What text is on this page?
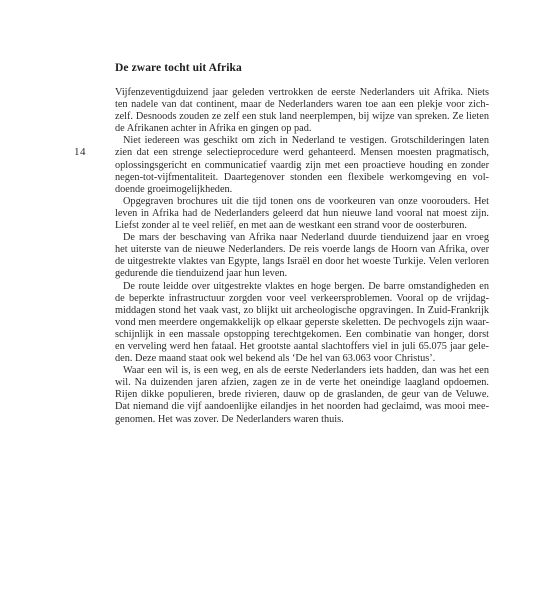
De zware tocht uit Afrika
14
Vijfenzeventigduizend jaar geleden vertrokken de eerste Nederlanders uit Afrika. Niets
ten nadele van dat continent, maar de Nederlanders waren toe aan een plekje voor zich-
zelf. Desnoods zouden ze zelf een stuk land neerplempen, bij wijze van spreken. Ze lieten
de Afrikanen achter in Afrika en gingen op pad.
Niet iedereen was geschikt om zich in Nederland te vestigen. Grotschilderingen laten
zien dat een strenge selectieprocedure werd gehanteerd. Mensen moesten pragmatisch,
oplossingsgericht en communicatief vaardig zijn met een proactieve houding en zonder
negen-tot-vijfmentaliteit. Daartegenover stonden een flexibele werkomgeving en vol-
doende groeimogelijkheden.
Opgegraven brochures uit die tijd tonen ons de voorkeuren van onze voorouders. Het
leven in Afrika had de Nederlanders geleerd dat hun nieuwe land vooral nat moest zijn.
Liefst zonder al te veel reliëf, en met aan de westkant een strand voor de oosterburen.
De mars der beschaving van Afrika naar Nederland duurde tienduizend jaar en vroeg
het uiterste van de nieuwe Nederlanders. De reis voerde langs de Hoorn van Afrika, over
de uitgestrekte vlaktes van Egypte, langs Israël en door het woeste Turkije. Velen verloren
gedurende die tienduizend jaar hun leven.
De route leidde over uitgestrekte vlaktes en hoge bergen. De barre omstandigheden en
de beperkte infrastructuur zorgden voor veel verkeersproblemen. Vooral op de vrijdag-
middagen stond het vaak vast, zo blijkt uit archeologische opgravingen. In Zuid-Frankrijk
vond men meerdere ongemakkelijk op elkaar geperste skeletten. De pechvogels zijn waar-
schijnlijk in een massale opstopping terechtgekomen. Een combinatie van honger, dorst
en verveling werd hen fataal. Het grootste aantal slachtoffers viel in juli 65.075 jaar gele-
den. Deze maand staat ook wel bekend als ‘De hel van 63.063 voor Christus’.
Waar een wil is, is een weg, en als de eerste Nederlanders iets hadden, dan was het een
wil. Na duizenden jaren afzien, zagen ze in de verte het oneindige laagland opdoemen.
Rijen dikke populieren, brede rivieren, dauw op de graslanden, de geur van de Veluwe.
Dat niemand die vijf aandoenlijke eilandjes in het noorden had geclaimd, was mooi mee-
genomen. Het was zover. De Nederlanders waren thuis.
